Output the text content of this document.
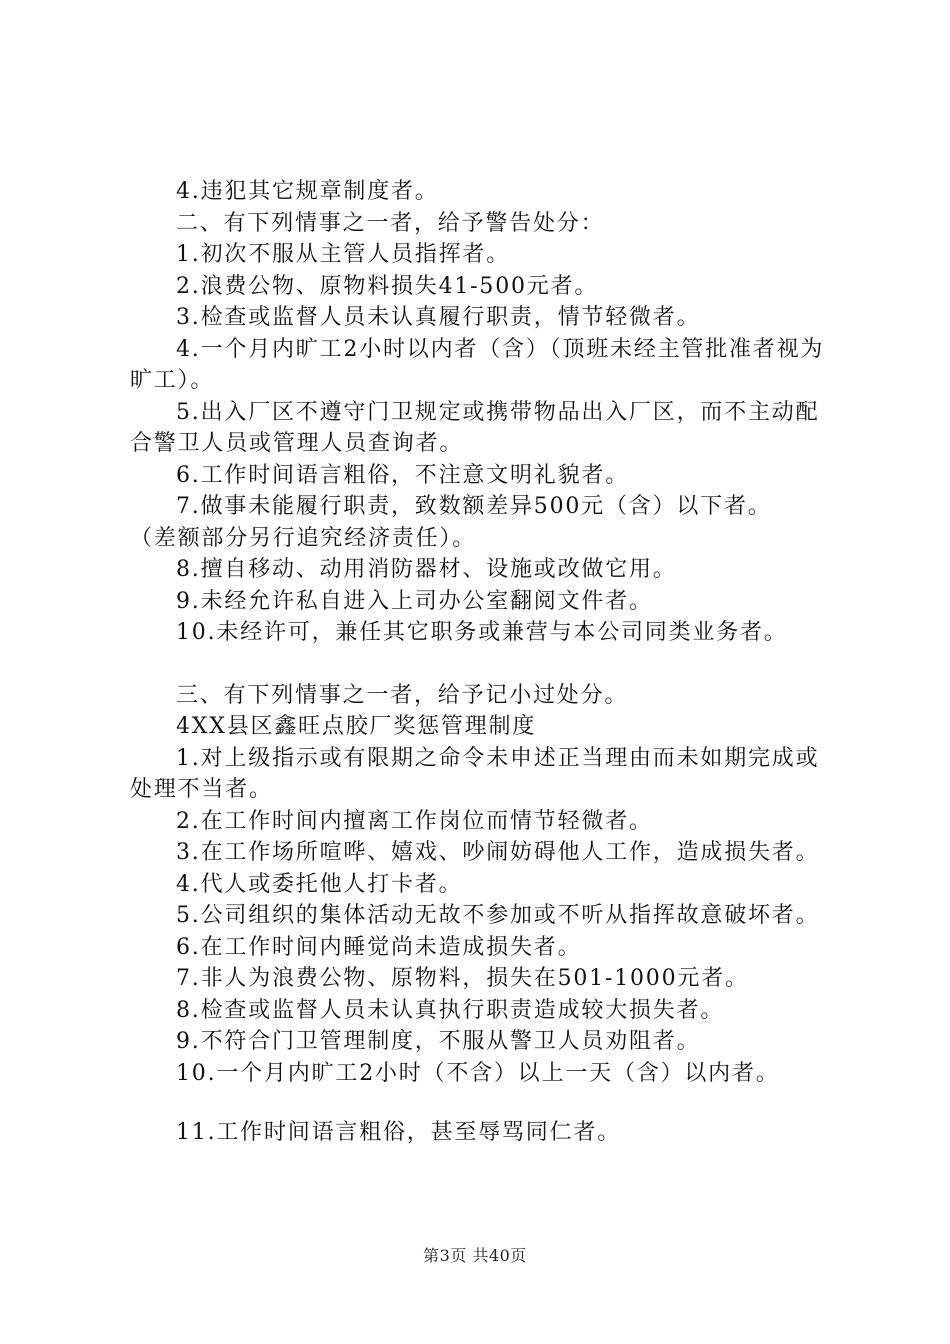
4.违犯其它规章制度者。

二、有下列情事之一者，给予警告处分：

1.初次不服从主管人员指挥者。

2.浪费公物、原物料损失41-500元者。

3.检查或监督人员未认真履行职责，情节轻微者。

4.一个月内旷工2小时以内者（含）（顶班未经主管批准者视为旷工）。

5.出入厂区不遵守门卫规定或携带物品出入厂区，而不主动配合警卫人员或管理人员查询者。

6.工作时间语言粗俗，不注意文明礼貌者。

7.做事未能履行职责，致数额差异500元（含）以下者。

（差额部分另行追究经济责任）。

8.擅自移动、动用消防器材、设施或改做它用。

9.未经允许私自进入上司办公室翻阅文件者。

10.未经许可，兼任其它职务或兼营与本公司同类业务者。

三、有下列情事之一者，给予记小过处分。

4XX县区鑫旺点胶厂奖惩管理制度

1.对上级指示或有限期之命令未申述正当理由而未如期完成或处理不当者。

2.在工作时间内擅离工作岗位而情节轻微者。

3.在工作场所喧哗、嬉戏、吵闹妨碍他人工作，造成损失者。

4.代人或委托他人打卡者。

5.公司组织的集体活动无故不参加或不听从指挥故意破坏者。

6.在工作时间内睡觉尚未造成损失者。

7.非人为浪费公物、原物料，损失在501-1000元者。

8.检查或监督人员未认真执行职责造成较大损失者。

9.不符合门卫管理制度，不服从警卫人员劝阻者。

10.一个月内旷工2小时（不含）以上一天（含）以内者。

11.工作时间语言粗俗，甚至辱骂同仁者。

第3页 共40页
